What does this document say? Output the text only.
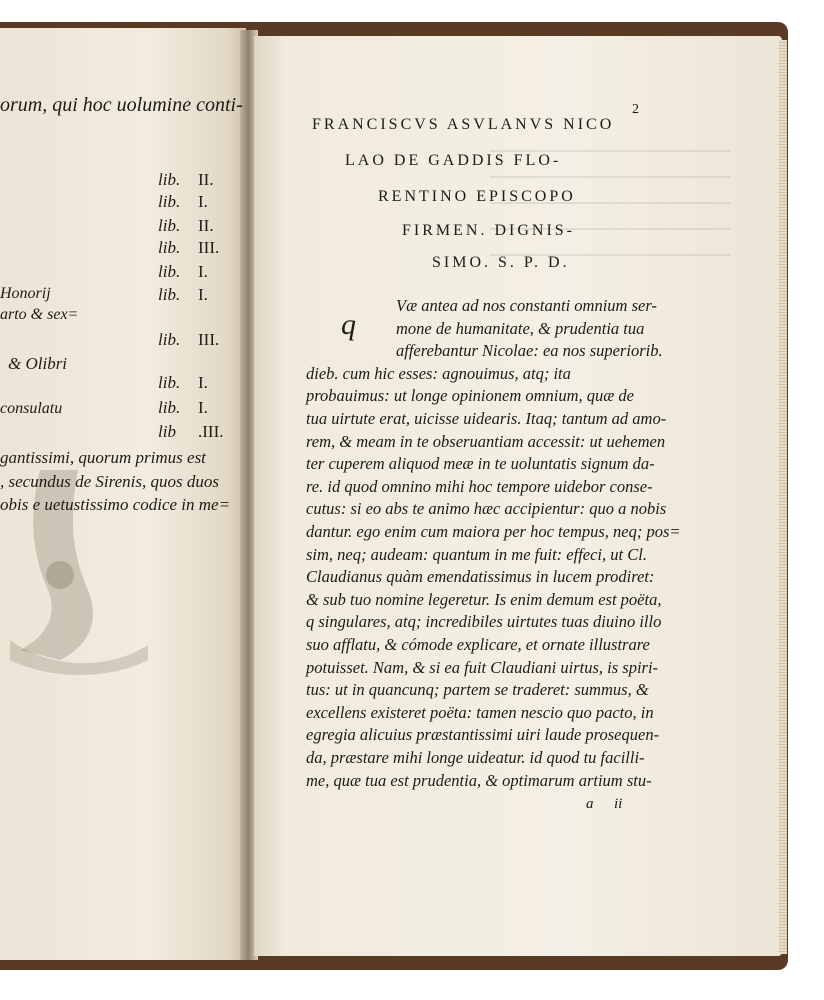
orum, qui hoc uolumine conti-
lib. II.
lib. I.
lib. II.
lib. III.
lib. I.
lib. I.
lib. III.
lib. I.
lib. I.
lib .III.
Honorij
arto & sex=
& Olibri
consulatu
gantissimi, quorum primus est
, secundus de Sirenis, quos duos
obis e uetustissimo codice in me=
2
FRANCISCVS ASVLANVS NICO
LAO DE GADDIS FLO-
RENTINO EPISCOPO
FIRMEN. DIGNIS-
SIMO. S. P. D.
q
Væ antea ad nos constanti omnium ser-
mone de humanitate, & prudentia tua
afferebantur Nicolae: ea nos superiorib.
dieb. cum hic esses: agnouimus, atq; ita
probauimus: ut longe opinionem omnium, quæ de
tua uirtute erat, uicisse uidearis. Itaq; tantum ad amo-
rem, & meam in te obseruantiam accessit: ut uehemen
ter cuperem aliquod meæ in te uoluntatis signum da-
re. id quod omnino mihi hoc tempore uidebor conse-
cutus: si eo abs te animo hæc accipientur: quo a nobis
dantur. ego enim cum maiora per hoc tempus, neq; pos=
sim, neq; audeam: quantum in me fuit: effeci, ut Cl.
Claudianus quàm emendatissimus in lucem prodiret:
& sub tuo nomine legeretur. Is enim demum est poëta,
q singulares, atq; incredibiles uirtutes tuas diuino illo
suo afflatu, & cómode explicare, et ornate illustrare
potuisset. Nam, & si ea fuit Claudiani uirtus, is spiri-
tus: ut in quancunq; partem se traderet: summus, &
excellens existeret poëta: tamen nescio quo pacto, in
egregia alicuius præstantissimi uiri laude prosequen-
da, præstare mihi longe uideatur. id quod tu facilli-
me, quæ tua est prudentia, & optimarum artium stu-
a ii
